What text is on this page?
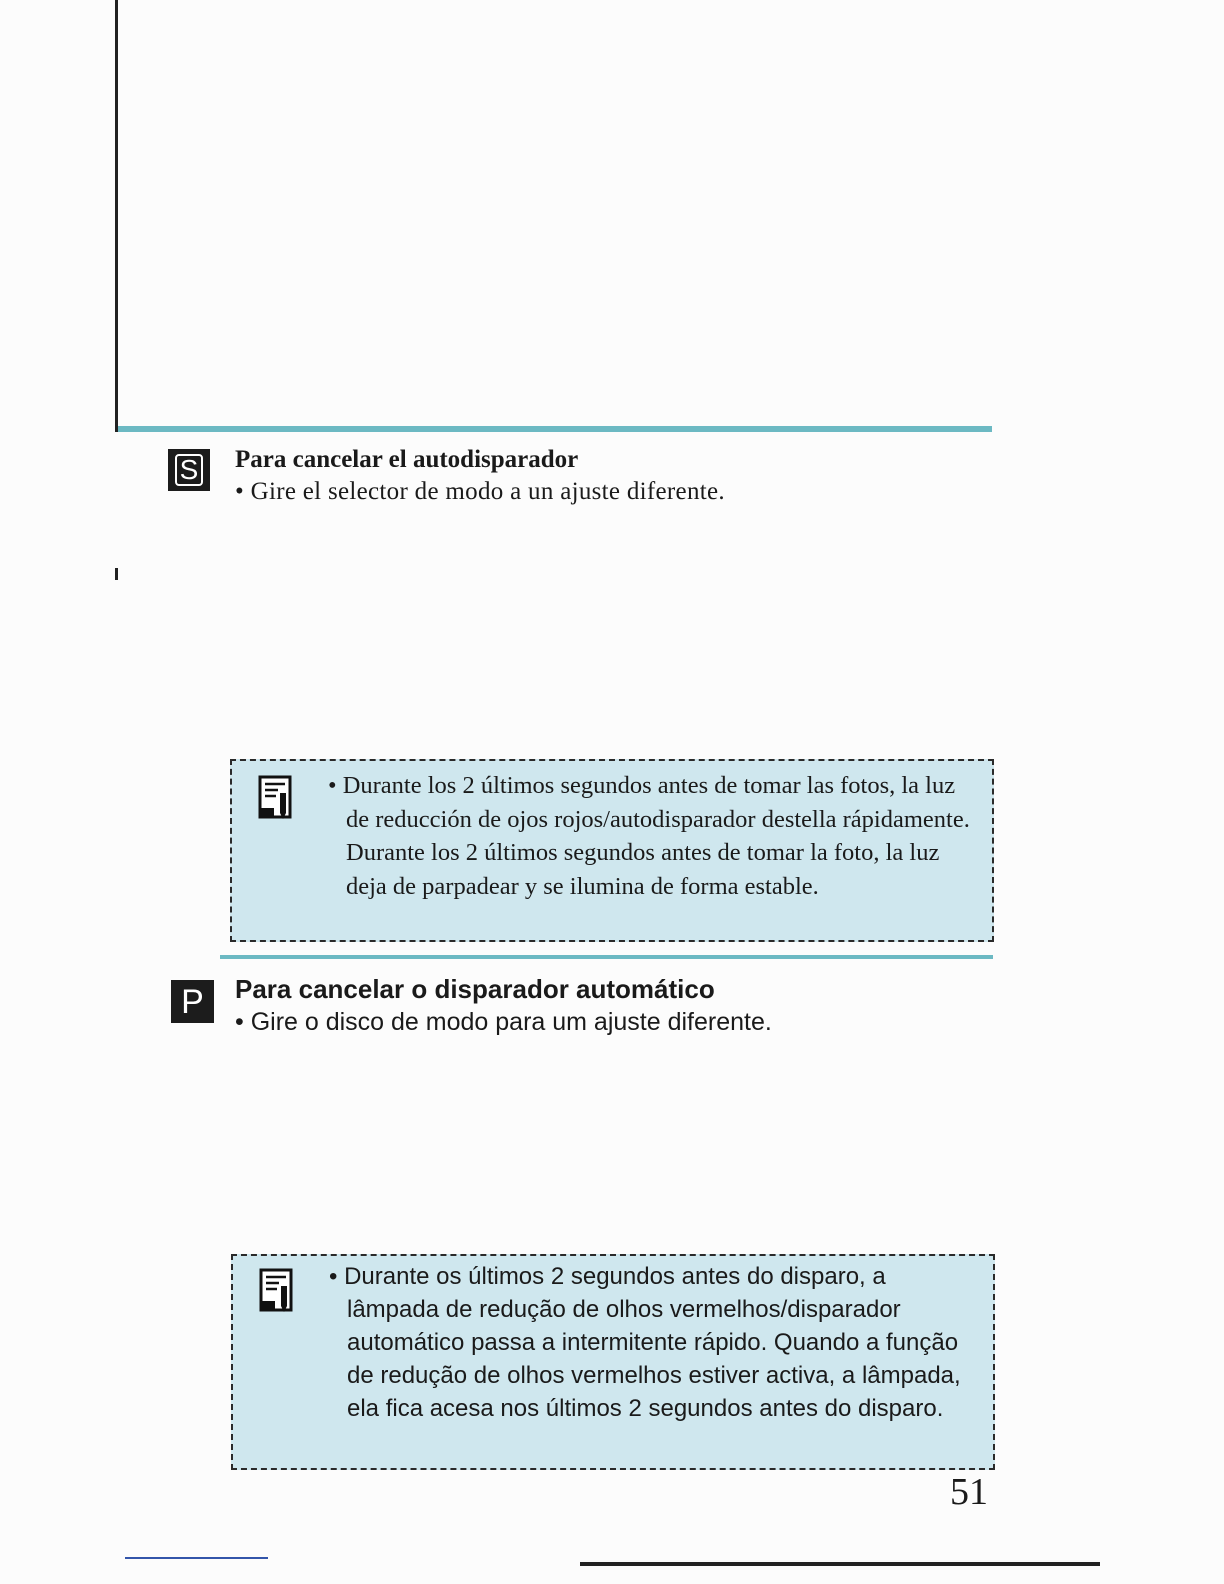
S Para cancelar el autodisparador

• Gire el selector de modo a un ajuste diferente.

• Durante los 2 últimos segundos antes de tomar las fotos, la luz de reducción de ojos rojos/autodisparador destella rápidamente. Durante los 2 últimos segundos antes de tomar la foto, la luz deja de parpadear y se ilumina de forma estable.

P	Para cancelar o disparador automático

• Gire o disco de modo para um ajuste diferente.

• Durante os últimos 2 segundos antes do disparo, a lâmpada de redução de olhos vermelhos/disparador automático passa a intermitente rápido. Quando a função de redução de olhos vermelhos estiver activa, a lâmpada, ela fica acesa nos últimos 2 segundos antes do disparo.

51
